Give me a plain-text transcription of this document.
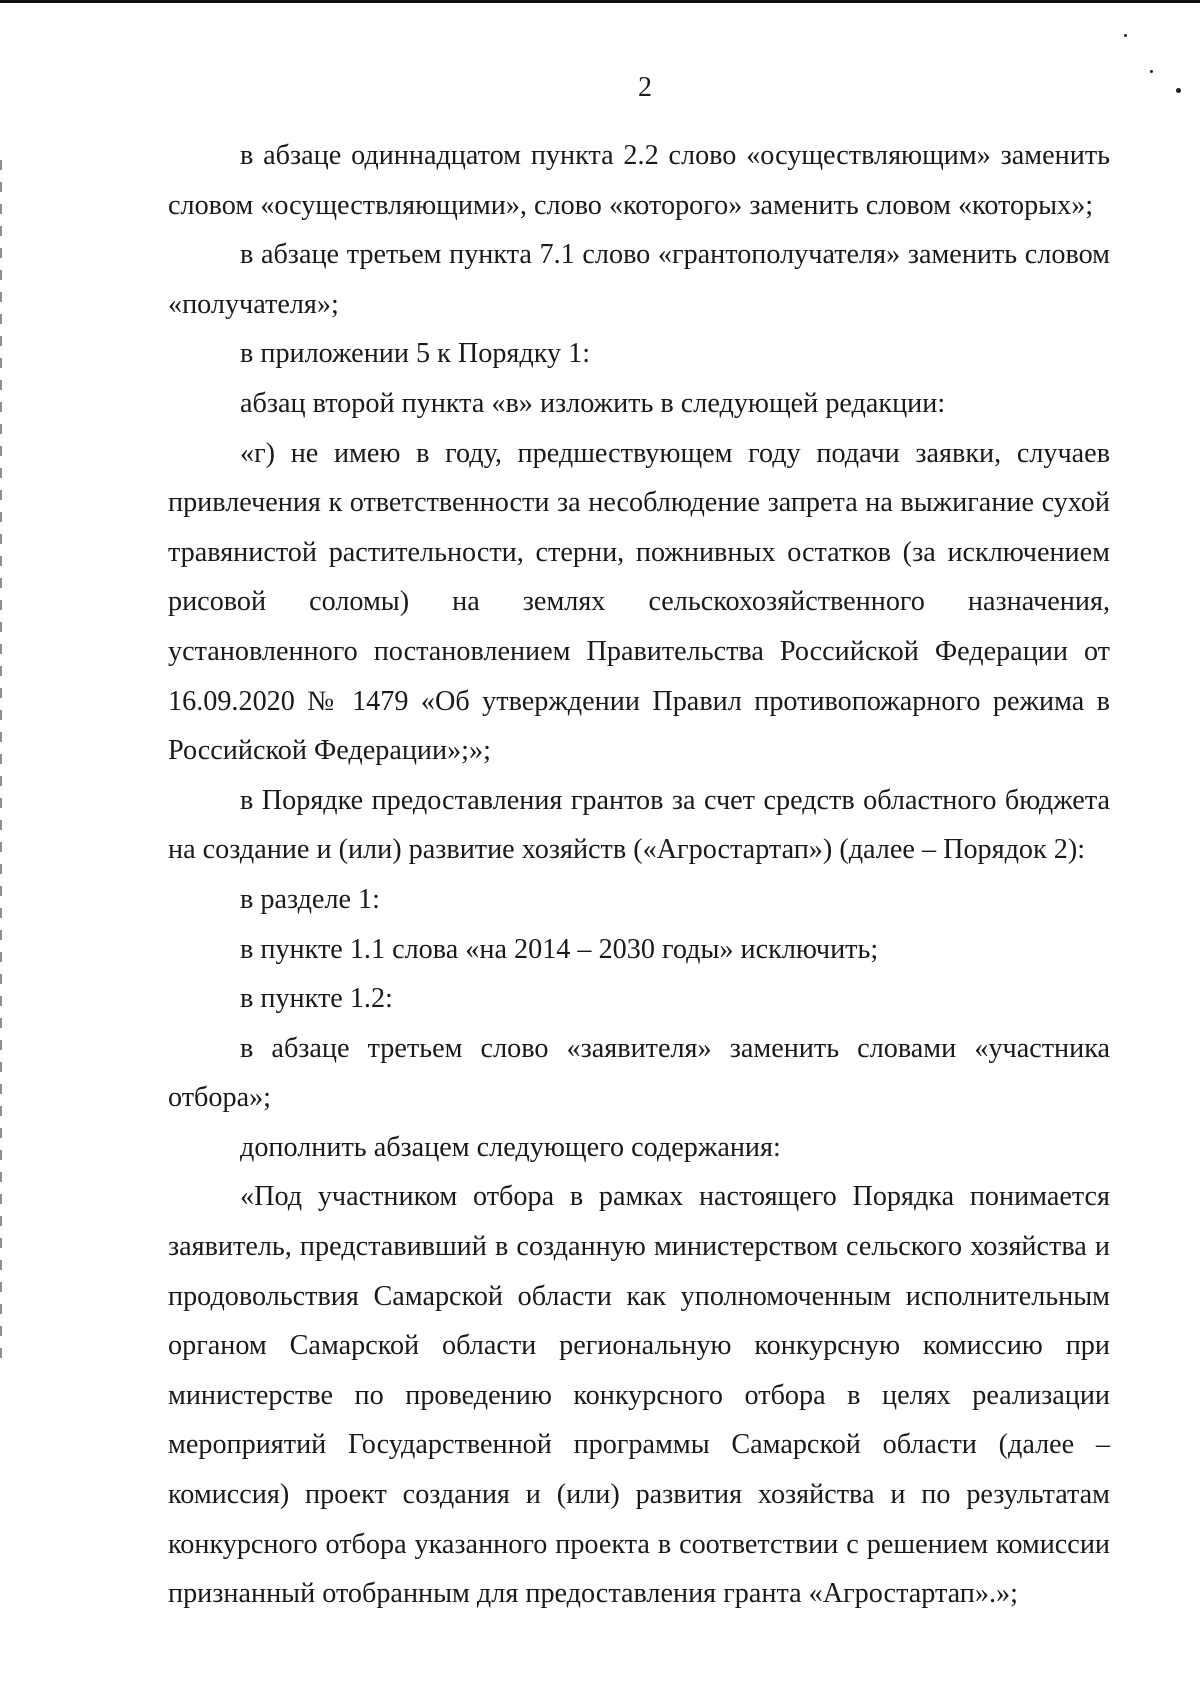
2

в абзаце одиннадцатом пункта 2.2 слово «осуществляющим» заменить словом «осуществляющими», слово «которого» заменить словом «которых»;

в абзаце третьем пункта 7.1 слово «грантополучателя» заменить словом «получателя»;

в приложении 5 к Порядку 1:

абзац второй пункта «в» изложить в следующей редакции:

«г) не имею в году, предшествующем году подачи заявки, случаев привлечения к ответственности за несоблюдение запрета на выжигание сухой травянистой растительности, стерни, пожнивных остатков (за исключением рисовой соломы) на землях сельскохозяйственного назначения, установленного постановлением Правительства Российской Федерации от 16.09.2020 № 1479 «Об утверждении Правил противопожарного режима в Российской Федерации»;»;

в Порядке предоставления грантов за счет средств областного бюджета на создание и (или) развитие хозяйств («Агростартап») (далее – Порядок 2):

в разделе 1:

в пункте 1.1 слова «на 2014 – 2030 годы» исключить;

в пункте 1.2:

в абзаце третьем слово «заявителя» заменить словами «участника отбора»;

дополнить абзацем следующего содержания:

«Под участником отбора в рамках настоящего Порядка понимается заявитель, представивший в созданную министерством сельского хозяйства и продовольствия Самарской области как уполномоченным исполнительным органом Самарской области региональную конкурсную комиссию при министерстве по проведению конкурсного отбора в целях реализации мероприятий Государственной программы Самарской области (далее – комиссия) проект создания и (или) развития хозяйства и по результатам конкурсного отбора указанного проекта в соответствии с решением комиссии признанный отобранным для предоставления гранта «Агростартап».»;
